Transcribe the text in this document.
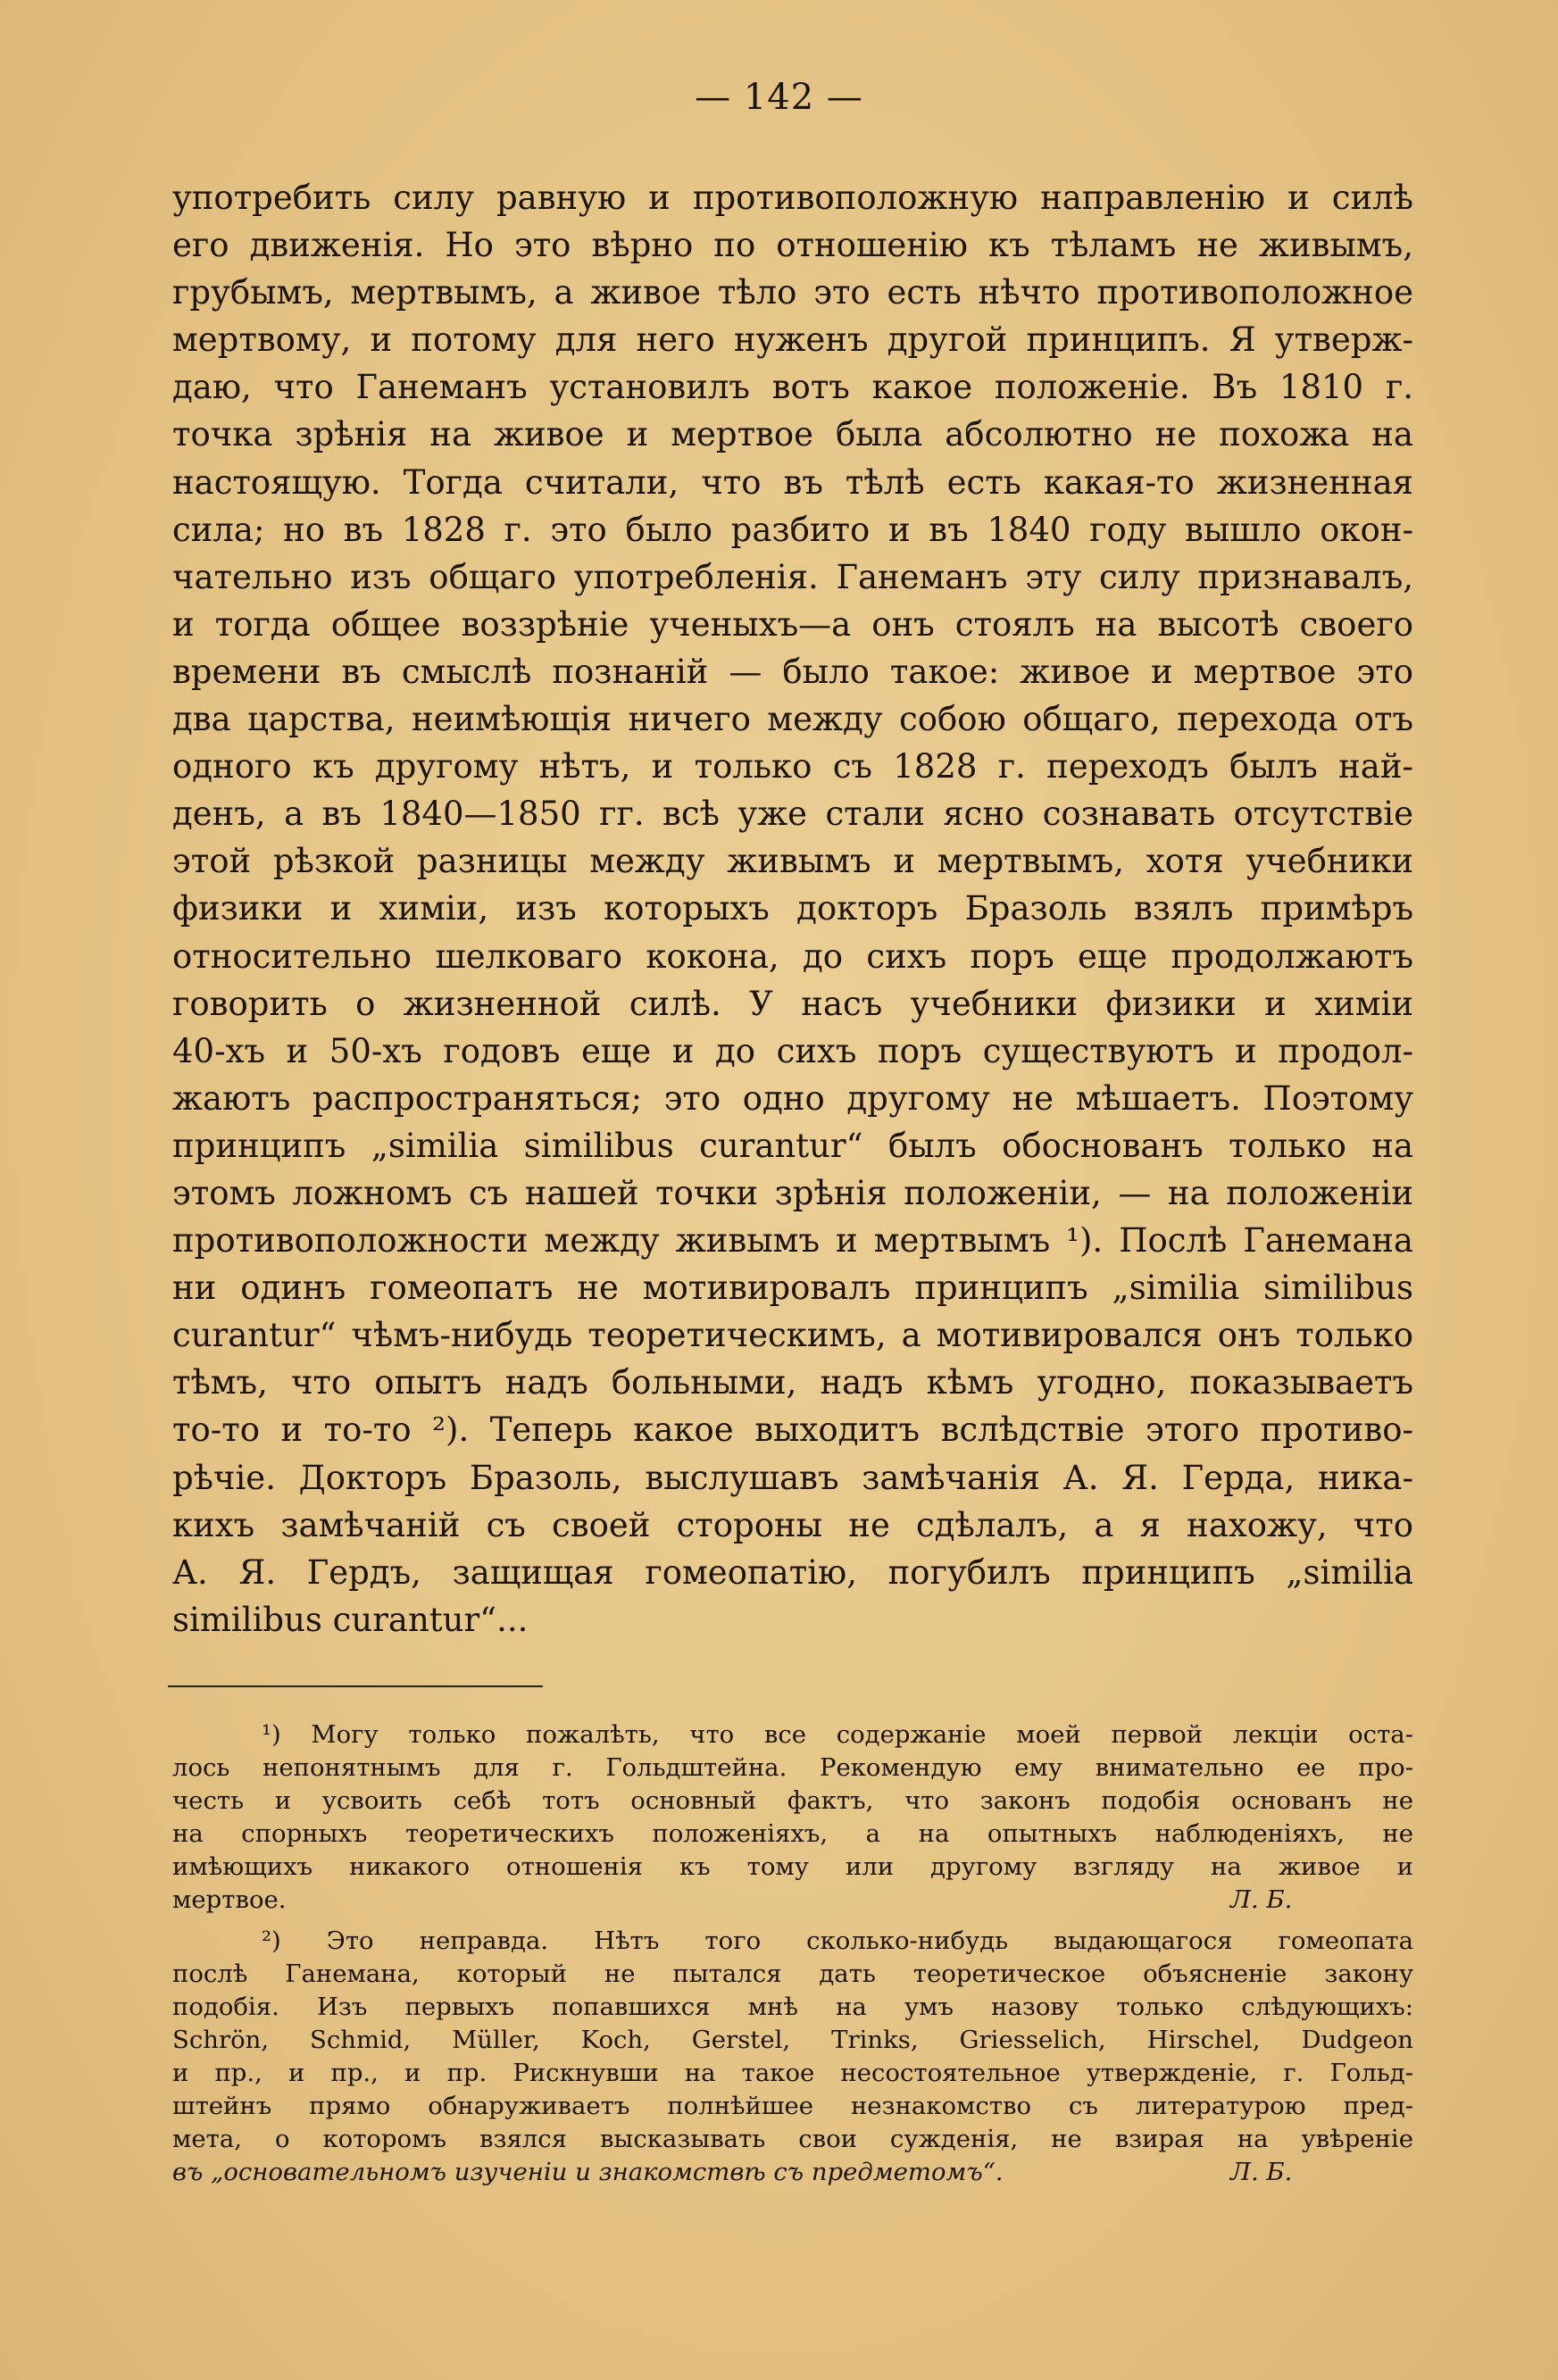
— 142 —
употребить силу равную и противоположную направленію и силѣ
его движенія. Но это вѣрно по отношенію къ тѣламъ не живымъ,
грубымъ, мертвымъ, а живое тѣло это есть нѣчто противоположное
мертвому, и потому для него нуженъ другой принципъ. Я утверж-
даю, что Ганеманъ установилъ вотъ какое положеніе. Въ 1810 г.
точка зрѣнія на живое и мертвое была абсолютно не похожа на
настоящую. Тогда считали, что въ тѣлѣ есть какая-то жизненная
сила; но въ 1828 г. это было разбито и въ 1840 году вышло окон-
чательно изъ общаго употребленія. Ганеманъ эту силу признавалъ,
и тогда общее воззрѣніе ученыхъ—а онъ стоялъ на высотѣ своего
времени въ смыслѣ познаній — было такое: живое и мертвое это
два царства, неимѣющія ничего между собою общаго, перехода отъ
одного къ другому нѣтъ, и только съ 1828 г. переходъ былъ най-
денъ, а въ 1840—1850 гг. всѣ уже стали ясно сознавать отсутствіе
этой рѣзкой разницы между живымъ и мертвымъ, хотя учебники
физики и химіи, изъ которыхъ докторъ Бразоль взялъ примѣръ
относительно шелковаго кокона, до сихъ поръ еще продолжаютъ
говорить о жизненной силѣ. У насъ учебники физики и химіи
40-хъ и 50-хъ годовъ еще и до сихъ поръ существуютъ и продол-
жаютъ распространяться; это одно другому не мѣшаетъ. Поэтому
принципъ „similia similibus curantur“ былъ обоснованъ только на
этомъ ложномъ съ нашей точки зрѣнія положеніи, — на положеніи
противоположности между живымъ и мертвымъ ¹). Послѣ Ганемана
ни одинъ гомеопатъ не мотивировалъ принципъ „similia similibus
curantur“ чѣмъ-нибудь теоретическимъ, а мотивировался онъ только
тѣмъ, что опытъ надъ больными, надъ кѣмъ угодно, показываетъ
то-то и то-то ²). Теперь какое выходитъ вслѣдствіе этого противо-
рѣчіе. Докторъ Бразоль, выслушавъ замѣчанія А. Я. Герда, ника-
кихъ замѣчаній съ своей стороны не сдѣлалъ, а я нахожу, что
А. Я. Гердъ, защищая гомеопатію, погубилъ принципъ „similia
similibus curantur“...
¹) Могу только пожалѣть, что все содержаніе моей первой лекціи оста-
лось непонятнымъ для г. Гольдштейна. Рекомендую ему внимательно ее про-
честь и усвоить себѣ тотъ основный фактъ, что законъ подобія основанъ не
на спорныхъ теоретическихъ положеніяхъ, а на опытныхъ наблюденіяхъ, не
имѣющихъ никакого отношенія къ тому или другому взгляду на живое и
мертвое.	Л. Б.
²) Это неправда. Нѣтъ того сколько-нибудь выдающагося гомеопата
послѣ Ганемана, который не пытался дать теоретическое объясненіе закону
подобія. Изъ первыхъ попавшихся мнѣ на умъ назову только слѣдующихъ:
Schrön, Schmid, Müller, Koch, Gerstel, Trinks, Griesselich, Hirschel, Dudgeon
и пр., и пр., и пр. Рискнувши на такое несостоятельное утвержденіе, г. Гольд-
штейнъ прямо обнаруживаетъ полнѣйшее незнакомство съ литературою пред-
мета, о которомъ взялся высказывать свои сужденія, не взирая на увѣреніе
въ „основательномъ изученіи и знакомствѣ съ предметомъ“.	Л. Б.
